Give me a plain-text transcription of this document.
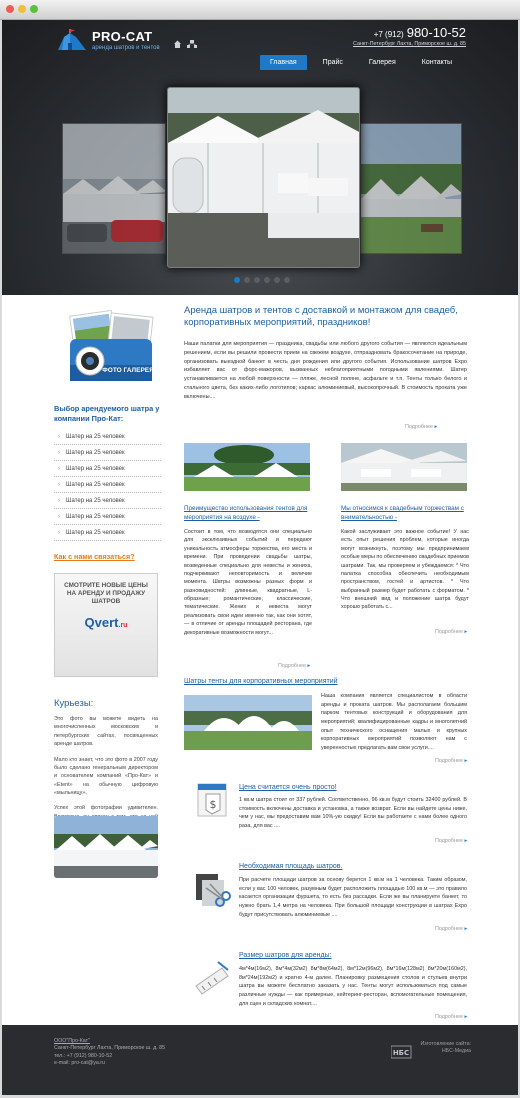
PRO-CAT
аренда шатров и тентов
+7 (912) 980-10-52
Санкт-Петербург Лахта, Приморское ш. д. 85
Главная	Прайс	Галерея	Контакты
ФОТО ГАЛЕРЕЯ
Выбор арендуемого шатра у компании Про-Кат:
› Шатер на 25 человек
› Шатер на 25 человек
› Шатер на 25 человек
› Шатер на 25 человек
› Шатер на 25 человек
› Шатер на 25 человек
› Шатер на 25 человек
Как с нами связаться?
СМОТРИТЕ НОВЫЕ ЦЕНЫ НА АРЕНДУ И ПРОДАЖУ ШАТРОВ
Qvert.ru
Курьезы:

Это фото вы можете видеть на многочисленных московских и петербургских сайтах, посвященных аренде шатров.

Мало кто знает, что это фото в 2007 году было сделано генеральным директором и основателем компаний «Про-Кат» и «Etent» на обычную цифровую «мыльницу».

Успех этой фотографии удивителен.

Аренда шатров и тентов с доставкой и монтажом для свадеб, корпоративных мероприятий, праздников!
Наши палатки для мероприятия — праздника, свадьбы или любого другого события — являются идеальным решением, если вы решили провести прием на свежем воздухе, отпраздновать бракосочетание на природе, организовать выездной банкет в честь дня рождения или другого события. Использование шатров Expo избавляет вас от форс-мажоров, вызванных неблагоприятными погодными явлениями. Шатер устанавливается на любой поверхности — пляже, лесной поляне, асфальте и т.п. Тенты только белого и стального цвета, без каких-либо логотипов; каркас алюминиевый, высокопрочный. В стоимость проката уже включены....
Подробнее ▸
Преимущество использования тентов для мероприятия на воздухе -
Состоит в том, что возводятся они специально для эксклюзивных событий и передают уникальность атмосферы торжества, его места и времени. При проведении свадьбы шатры, возведенные специально для невесты и жениха, подчеркивают неповторимость и величие момента. Шатры возможны разных форм и разновидностей: длинные, квадратные, L-образные; романтические, классические, тематические. Жених и невеста могут реализовать свои идеи именно так, как они хотят, — в отличие от аренды площадей ресторана, где декоративные возможности могут...
Подробнее ▸
Мы относимся к свадебным торжествам с внимательностью -
Какой заслуживает это важное событие! У нас есть опыт решения проблем, которые иногда могут возникнуть, поэтому мы предпринимаем особые меры по обеспечению свадебных приемов шатрами. Так, мы проверяем и убеждаемся: * Что палатка способна обеспечить необходимым пространством, гостей и артистов. * Что выбранный размер будет работать с форматом. * Что внешний вид и положение шатра будут хорошо работать с...
Подробнее ▸
Шатры тенты для корпоративных мероприятий
Наша компания является специалистом в области аренды и проката шатров. Мы располагаем большим парком тентовых конструкций и оборудования для мероприятий; квалифицированные кадры и многолетний опыт технического оснащения малых и крупных корпоративных мероприятий позволяют нам с уверенностью предлагать вам свои услуги....
Подробнее ▸
$
Цена считается очень просто!
1 кв.м шатра стоит от 337 рублей. Соответственно, 96 кв.м будут стоить 32400 рублей. В стоимость включены доставка и установка, а также возврат. Если вы найдете цены ниже, чем у нас, мы предоставим вам 10%-ую скидку! Если вы работаете с нами более одного раза, для вас ....
Подробнее ▸
Необходимая площадь шатров.
При расчете площади шатров за основу берется 1 кв.м на 1 человека. Таким образом, если у вас 100 человек, разумным будет расположить площадью 100 кв.м — это правило касается организации фуршета, то есть без рассадки. Если же вы планируете банкет, то нужно брать 1,4 метра на человека. При большой площади конструкции в шатрах Expo будут присутствовать алюминиевые ....
Подробнее ▸
Размер шатров для аренды:
4м*4м(16м2), 8м*4м(32м2) 8м*8м(64м2), 8м*12м(96м2), 8м*16м(128м2) 8м*20м(160м2), 8м*24м(192м2) и кратно 4-м далее. Планировку размещения столов и стульев внутри шатра вы можете бесплатно заказать у нас. Тенты могут использоваться под самые различные нужды — как примерные, кейтеринг-ресторан, вспомогательные помещения, для сцен и складских комнат....
Подробнее ▸
ООО"Про-Кат"
Санкт-Петербург Лахта, Приморское ш. д. 85
тел.: +7 (912) 980-10-52
e-mail: pro-cat@ya.ru
НБС
Изготовление сайта:
НБС-Медиа
